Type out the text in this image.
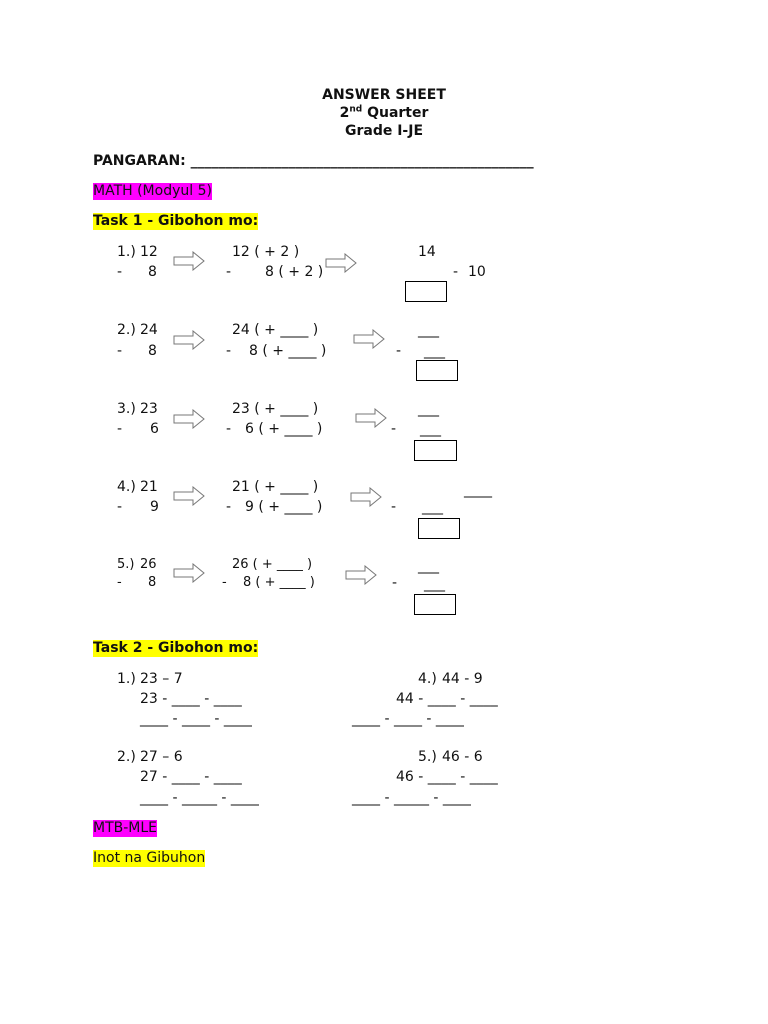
ANSWER SHEET
2nd Quarter
Grade I-JE
PANGARAN: _________________________________________________
MATH (Modyul 5)
Task 1 - Gibohon mo:
1.) 12
- 8
12 ( + 2 )
- 8 ( + 2 )
14
- 10
2.) 24
- 8
24 ( + ____ )
- 8 ( + ____ )
___
- ___
3.) 23
- 6
23 ( + ____ )
- 6 ( + ____ )
___
- ___
4.) 21
- 9
21 ( + ____ )
- 9 ( + ____ )
____
- ___
5.) 26
- 8
26 ( + ____ )
- 8 ( + ____ )
___
- ___
Task 2 - Gibohon mo:
1.) 23 – 7
23 - ____ - ____
____ - ____ - ____
4.) 44 - 9
44 - ____ - ____
____ - ____ - ____
2.) 27 – 6
27 - ____ - ____
____ - _____ - ____
5.) 46 - 6
46 - ____ - ____
____ - _____ - ____
MTB-MLE
Inot na Gibuhon
